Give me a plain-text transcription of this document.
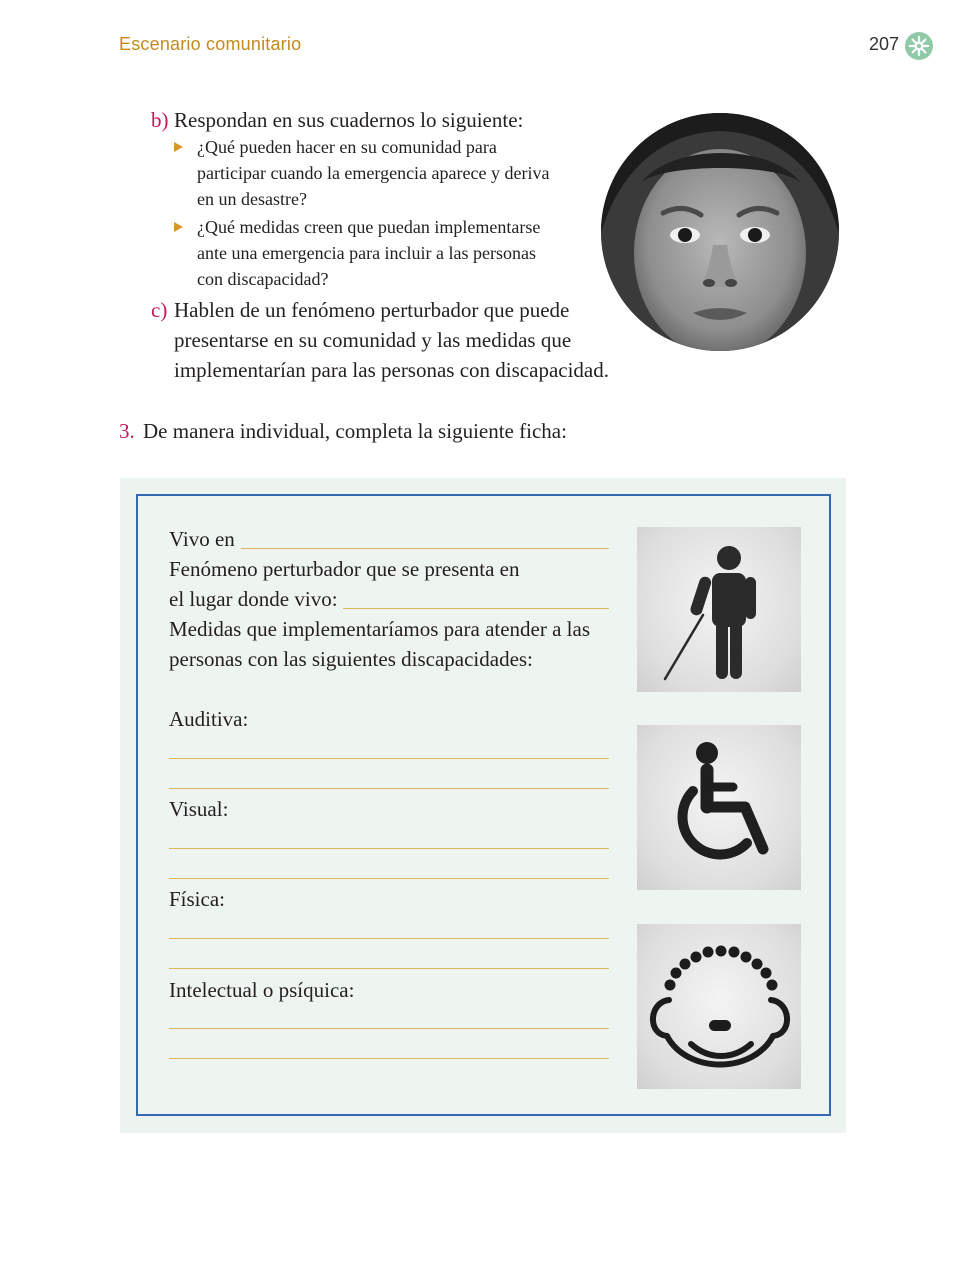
Escenario comunitario	207
b) Respondan en sus cuadernos lo siguiente:
¿Qué pueden hacer en su comunidad para
participar cuando la emergencia aparece y deriva
en un desastre?
¿Qué medidas creen que puedan implementarse
ante una emergencia para incluir a las personas
con discapacidad?
c) Hablen de un fenómeno perturbador que puede
presentarse en su comunidad y las medidas que
implementarían para las personas con discapacidad.
3. De manera individual, completa la siguiente ficha:
Vivo en
Fenómeno perturbador que se presenta en
el lugar donde vivo:
Medidas que implementaríamos para atender a las
personas con las siguientes discapacidades:
Auditiva:
Visual:
Física:
Intelectual o psíquica:
